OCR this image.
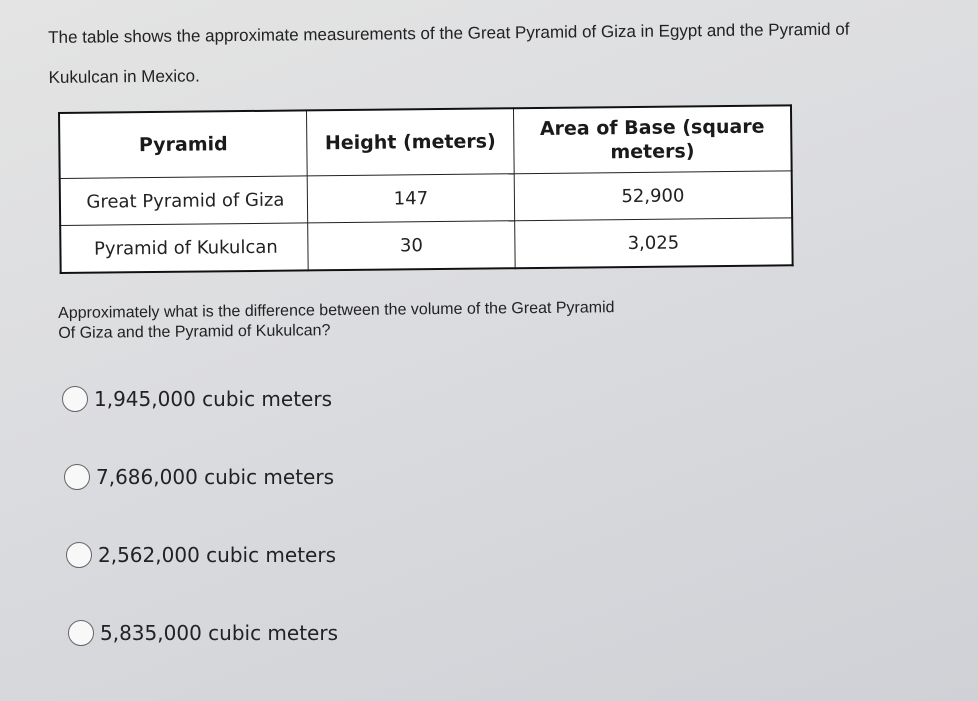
The table shows the approximate measurements of the Great Pyramid of Giza in Egypt and the Pyramid of
Kukulcan in Mexico.
Pyramid	Height (meters)	Area of Base (square meters)
Great Pyramid of Giza	147	52,900
Pyramid of Kukulcan	30	3,025
Approximately what is the difference between the volume of the Great Pyramid
Of Giza and the Pyramid of Kukulcan?
1,945,000 cubic meters
7,686,000 cubic meters
2,562,000 cubic meters
5,835,000 cubic meters
